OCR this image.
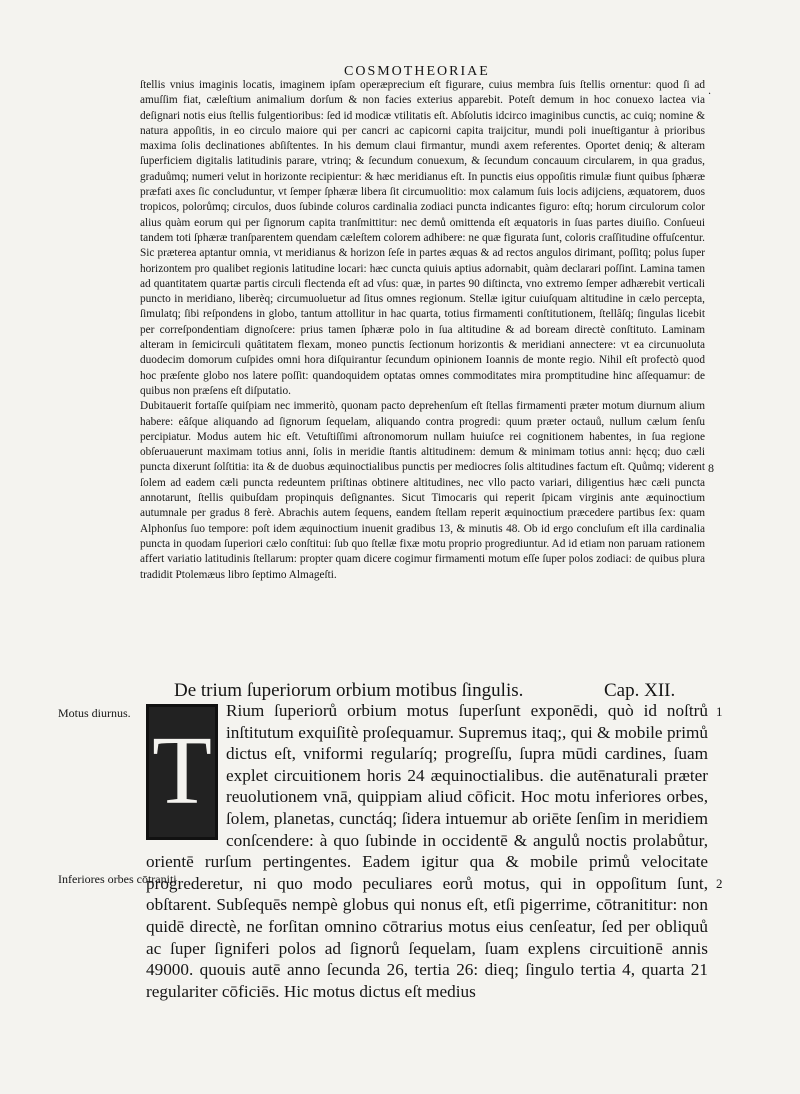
COSMOTHEORIAE
·

ſtellis vnius imaginis locatis, imaginem ipſam operæprecium eſt figurare, cuius membra ſuis ſtellis ornentur: quod ſi ad amuſſim fiat, cæleſtium animalium dorſum & non facies exterius apparebit. Poteſt demum in hoc conuexo lactea via deſignari notis eius ſtellis fulgentioribus: ſed id modicæ vtilitatis eſt. Abſolutis idcirco imaginibus cunctis, ac cuiq; nomine & natura appoſitis, in eo circulo maiore qui per cancri ac capicorni capita traijcitur, mundi poli inueſtigantur à prioribus maxima ſolis declinationes abſiſtentes. In his demum claui firmantur, mundi axem referentes. Oportet deniq; & alteram ſuperficiem digitalis latitudinis parare, vtrinq; & ſecundum conuexum, & ſecundum concauum circularem, in qua gradus, graduůmq; numeri velut in horizonte recipientur: & hæc meridianus eſt. In punctis eius oppoſitis rimulæ fiunt quibus ſphæræ præfati axes ſic concluduntur, vt ſemper ſphæræ libera ſit circumuolitio: mox calamum ſuis locis adijciens, æquatorem, duos tropicos, polorůmq; circulos, duos ſubinde coluros cardinalia zodiaci puncta indicantes figuro: eſtq; horum circulorum color alius quàm eorum qui per ſignorum capita tranſmittitur: nec demů omittenda eſt æquatoris in ſuas partes diuiſio. Conſueui tandem toti ſphæræ tranſparentem quendam cæleſtem colorem adhibere: ne quæ figurata ſunt, coloris craſſitudine offuſcentur. Sic præterea aptantur omnia, vt meridianus & horizon ſeſe in partes æquas & ad rectos angulos dirimant, poſſitq; polus ſuper horizontem pro qualibet regionis latitudine locari: hæc cuncta quiuis aptius adornabit, quàm declarari poſſint. Lamina tamen ad quantitatem quartæ partis circuli flectenda eſt ad vſus: quæ, in partes 90 diſtincta, vno extremo ſemper adhærebit verticali puncto in meridiano, liberèq; circumuoluetur ad ſitus omnes regionum. Stellæ igitur cuiuſquam altitudine in cælo percepta, ſimulatq; ſibi reſpondens in globo, tantum attollitur in hac quarta, totius firmamenti conſtitutionem, ſtellâſq; ſingulas licebit per correſpondentiam dignoſcere: prius tamen ſphæræ polo in ſua altitudine & ad boream directè conſtituto. Laminam alteram in ſemicirculi quâtitatem flexam, moneo punctis ſectionum horizontis & meridiani annectere: vt ea circunuoluta duodecim domorum cuſpides omni hora diſquirantur ſecundum opinionem Ioannis de monte regio. Nihil eſt profectò quod hoc præſente globo nos latere poſſit: quandoquidem optatas omnes commoditates mira promptitudine hinc aſſequamur: de quibus non præſens eſt diſputatio.

Dubitauerit fortaſſe quiſpiam nec immeritò, quonam pacto deprehenſum eſt ſtellas firmamenti præter motum diurnum alium habere: eâſque aliquando ad ſignorum ſequelam, aliquando contra progredi: quum præter octauů, nullum cælum ſenſu percipiatur. Modus autem hic eſt. Vetuſtiſſimi aſtronomorum nullam huiuſce rei cognitionem habentes, in ſua regione obſeruauerunt maximam totius anni, ſolis in meridie ſtantis altitudinem: demum & minimam totius anni: hęcq; duo cæli puncta dixerunt ſolſtitia: ita & de duobus æquinoctialibus punctis per mediocres ſolis altitudines factum eſt. Quůmq; viderent ſolem ad eadem cæli puncta redeuntem priſtinas obtinere altitudines, nec vllo pacto variari, diligentius hæc cæli puncta annotarunt, ſtellis quibuſdam propinquis deſignantes. Sicut Timocaris qui reperit ſpicam virginis ante æquinoctium autumnale per gradus 8 ferè. Abrachis autem ſequens, eandem ſtellam reperit æquinoctium præcedere partibus ſex: quam Alphonſus ſuo tempore: poſt idem æquinoctium inuenit gradibus 13, & minutis 48. Ob id ergo concluſum eſt illa cardinalia puncta in quodam ſuperiori cælo conſtitui: ſub quo ſtellæ fixæ motu proprio progrediuntur. Ad id etiam non paruam rationem affert variatio latitudinis ſtellarum: propter quam dicere cogimur firmamenti motum eſſe ſuper polos zodiaci: de quibus plura tradidit Ptolemæus libro ſeptimo Almageſti.

8
De trium ſuperiorum orbium motibus ſingulis.	Cap. XII.
T

Rium ſuperiorů orbium motus ſuperſunt exponēdi, quò id noſtrů inſtitutum exquiſitè proſequamur. Supremus itaq;, qui & mobile primů dictus eſt, vniformi regularíq; progreſſu, ſupra mūdi cardines, ſuam explet circuitionem horis 24 æquinoctialibus. die autēnaturali præter reuolutionem vnā, quippiam aliud cōficit. Hoc motu inferiores orbes, ſolem, planetas, cunctáq; ſidera intuemur ab oriēte ſenſim in meridiem conſcendere: à quo ſubinde in occidentē & angulů noctis prolabůtur, orientē rurſum pertingentes. Eadem igitur qua & mobile primů velocitate progrederetur, ni quo modo peculiares eorů motus, qui in oppoſitum ſunt, obſtarent. Subſequēs nempè globus qui nonus eſt, etſi pigerrime, cōtranititur: non quidē directè, ne forſitan omnino cōtrarius motus eius cenſeatur, ſed per obliquů ac ſuper ſigniferi polos ad ſignorů ſequelam, ſuam explens circuitionē annis 49000. quouis autē anno ſecunda 26, tertia 26: dieq; ſingulo tertia 4, quarta 21 regulariter cōficiēs. Hic motus dictus eſt medius

Motus diurnus.
Inferiores orbes cōtraniti
1
2
